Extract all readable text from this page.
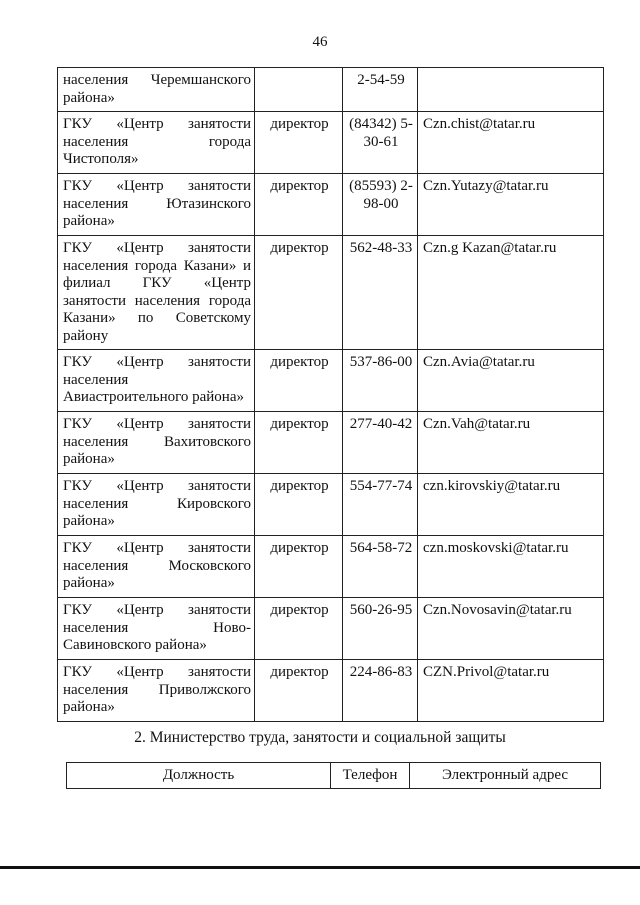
46
населения Черемшанского района»		2-54-59	
ГКУ «Центр занятости населения города Чистополя»	директор	(84342) 5-30-61	Czn.chist@tatar.ru
ГКУ «Центр занятости населения Ютазинского района»	директор	(85593) 2-98-00	Czn.Yutazy@tatar.ru
ГКУ «Центр занятости населения города Казани» и филиал ГКУ «Центр занятости населения города Казани» по Советскому району	директор	562-48-33	Czn.g Kazan@tatar.ru
ГКУ «Центр занятости населения Авиастроительного района»	директор	537-86-00	Czn.Avia@tatar.ru
ГКУ «Центр занятости населения Вахитовского района»	директор	277-40-42	Czn.Vah@tatar.ru
ГКУ «Центр занятости населения Кировского района»	директор	554-77-74	czn.kirovskiy@tatar.ru
ГКУ «Центр занятости населения Московского района»	директор	564-58-72	czn.moskovski@tatar.ru
ГКУ «Центр занятости населения Ново-Савиновского района»	директор	560-26-95	Czn.Novosavin@tatar.ru
ГКУ «Центр занятости населения Приволжского района»	директор	224-86-83	CZN.Privol@tatar.ru
2. Министерство труда, занятости и социальной защиты
Должность	Телефон	Электронный адрес
